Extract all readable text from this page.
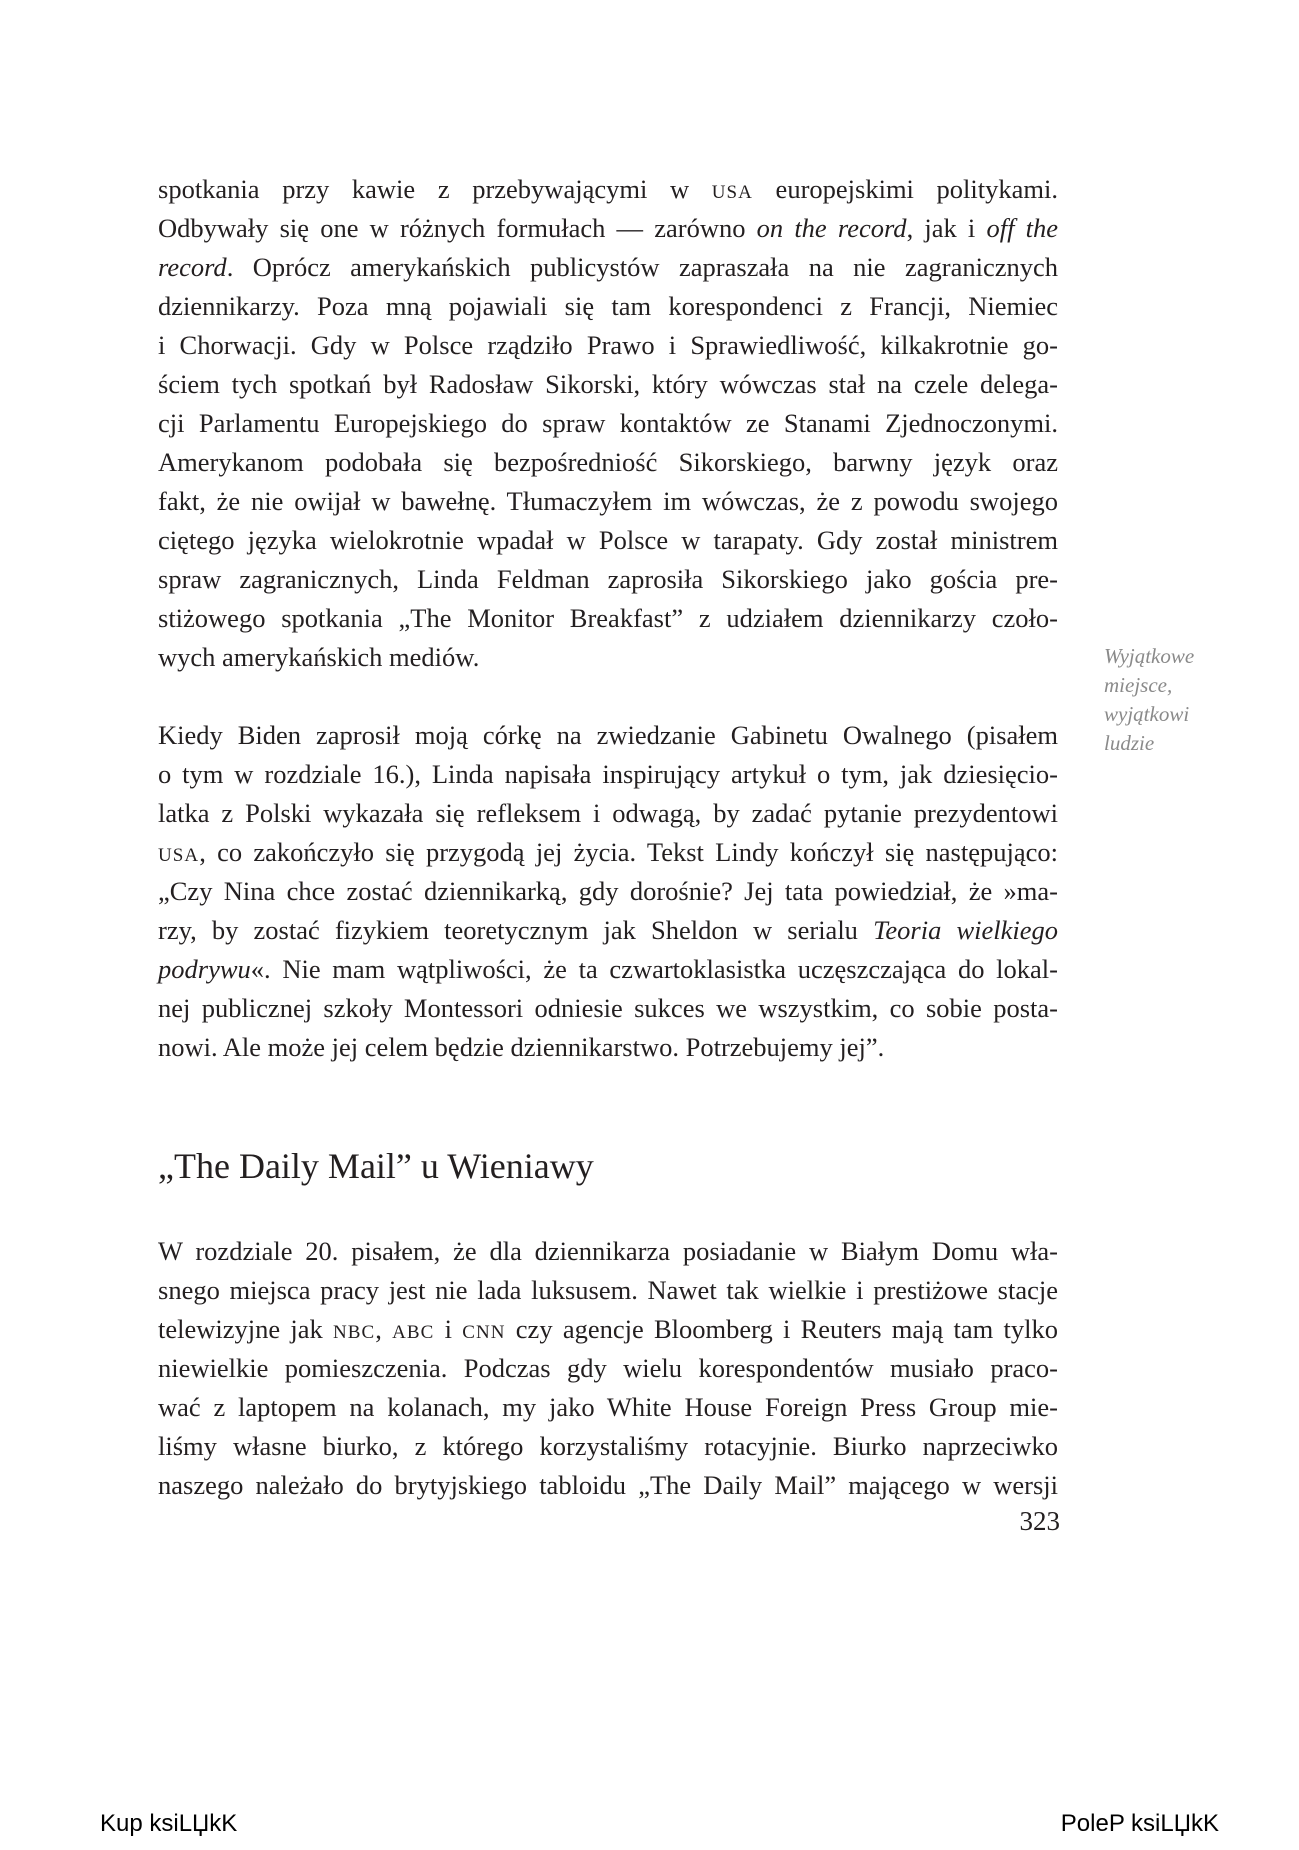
spotkania przy kawie z przebywającymi w usa europejskimi politykami.
Odbywały się one w różnych formułach — zarówno on the record, jak i off the
record. Oprócz amerykańskich publicystów zapraszała na nie zagranicznych
dziennikarzy. Poza mną pojawiali się tam korespondenci z Francji, Niemiec
i Chorwacji. Gdy w Polsce rządziło Prawo i Sprawiedliwość, kilkakrotnie go-
ściem tych spotkań był Radosław Sikorski, który wówczas stał na czele delega-
cji Parlamentu Europejskiego do spraw kontaktów ze Stanami Zjednoczonymi.
Amerykanom podobała się bezpośredniość Sikorskiego, barwny język oraz
fakt, że nie owijał w bawełnę. Tłumaczyłem im wówczas, że z powodu swojego
ciętego języka wielokrotnie wpadał w Polsce w tarapaty. Gdy został ministrem
spraw zagranicznych, Linda Feldman zaprosiła Sikorskiego jako gościa pre-
stiżowego spotkania „The Monitor Breakfast” z udziałem dziennikarzy czoło-
wych amerykańskich mediów.
Kiedy Biden zaprosił moją córkę na zwiedzanie Gabinetu Owalnego (pisałem
o tym w rozdziale 16.), Linda napisała inspirujący artykuł o tym, jak dziesięcio-
latka z Polski wykazała się refleksem i odwagą, by zadać pytanie prezydentowi
usa, co zakończyło się przygodą jej życia. Tekst Lindy kończył się następująco:
„Czy Nina chce zostać dziennikarką, gdy dorośnie? Jej tata powiedział, że »ma-
rzy, by zostać fizykiem teoretycznym jak Sheldon w serialu Teoria wielkiego
podrywu«. Nie mam wątpliwości, że ta czwartoklasistka uczęszczająca do lokal-
nej publicznej szkoły Montessori odniesie sukces we wszystkim, co sobie posta-
nowi. Ale może jej celem będzie dziennikarstwo. Potrzebujemy jej”.
„The Daily Mail” u Wieniawy
W rozdziale 20. pisałem, że dla dziennikarza posiadanie w Białym Domu wła-
snego miejsca pracy jest nie lada luksusem. Nawet tak wielkie i prestiżowe stacje
telewizyjne jak nbc, abc i cnn czy agencje Bloomberg i Reuters mają tam tylko
niewielkie pomieszczenia. Podczas gdy wielu korespondentów musiało praco-
wać z laptopem na kolanach, my jako White House Foreign Press Group mie-
liśmy własne biurko, z którego korzystaliśmy rotacyjnie. Biurko naprzeciwko
naszego należało do brytyjskiego tabloidu „The Daily Mail” mającego w wersji
Wyjątkowe
miejsce,
wyjątkowi
ludzie
323
Kup ksiLЏkK	PoleP ksiLЏkK
